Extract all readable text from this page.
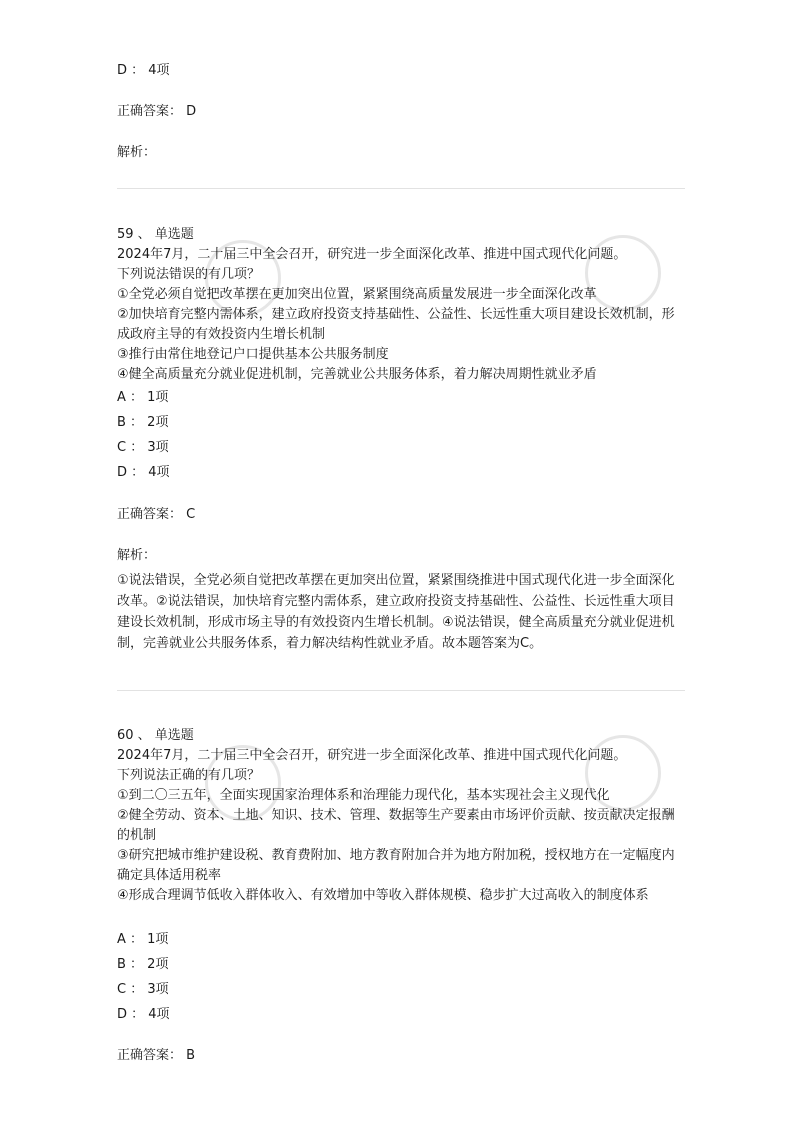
D ： 4项
正确答案： D
解析：
59 、 单选题
2024年7月，二十届三中全会召开，研究进一步全面深化改革、推进中国式现代化问题。
下列说法错误的有几项？
①全党必须自觉把改革摆在更加突出位置，紧紧围绕高质量发展进一步全面深化改革
②加快培育完整内需体系，建立政府投资支持基础性、公益性、长远性重大项目建设长效机制，形成政府主导的有效投资内生增长机制
③推行由常住地登记户口提供基本公共服务制度
④健全高质量充分就业促进机制，完善就业公共服务体系，着力解决周期性就业矛盾
A ： 1项
B ： 2项
C ： 3项
D ： 4项
正确答案： C
解析：
①说法错误，全党必须自觉把改革摆在更加突出位置，紧紧围绕推进中国式现代化进一步全面深化改革。②说法错误，加快培育完整内需体系，建立政府投资支持基础性、公益性、长远性重大项目建设长效机制，形成市场主导的有效投资内生增长机制。④说法错误，健全高质量充分就业促进机制，完善就业公共服务体系，着力解决结构性就业矛盾。故本题答案为C。
60 、 单选题
2024年7月，二十届三中全会召开，研究进一步全面深化改革、推进中国式现代化问题。
下列说法正确的有几项？
①到二〇三五年，全面实现国家治理体系和治理能力现代化，基本实现社会主义现代化
②健全劳动、资本、土地、知识、技术、管理、数据等生产要素由市场评价贡献、按贡献决定报酬的机制
③研究把城市维护建设税、教育费附加、地方教育附加合并为地方附加税，授权地方在一定幅度内确定具体适用税率
④形成合理调节低收入群体收入、有效增加中等收入群体规模、稳步扩大过高收入的制度体系
A ： 1项
B ： 2项
C ： 3项
D ： 4项
正确答案： B
